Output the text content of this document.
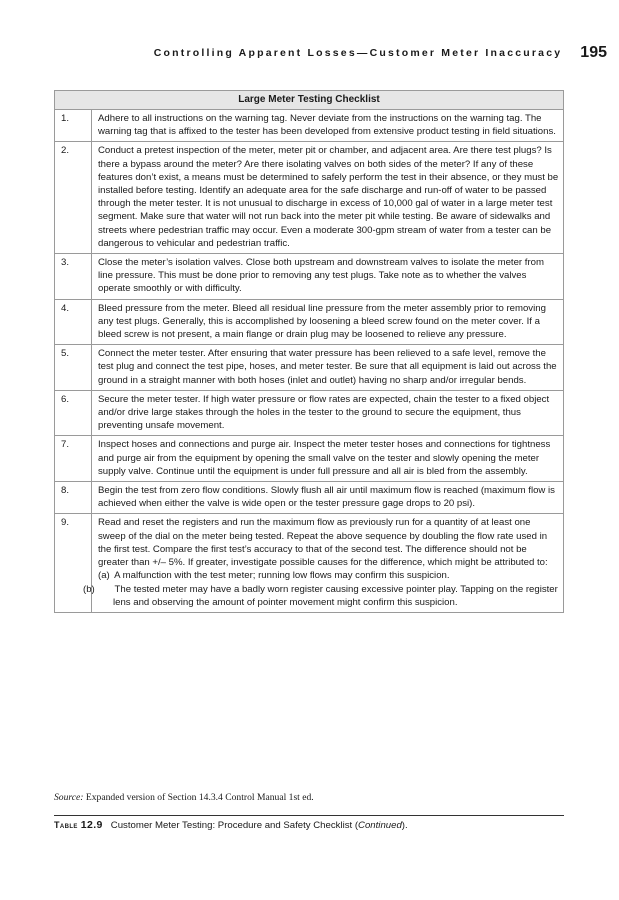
Controlling Apparent Losses—Customer Meter Inaccuracy 195
Large Meter Testing Checklist	
1.	Adhere to all instructions on the warning tag. Never deviate from the instructions on the warning tag. The warning tag that is affixed to the tester has been developed from extensive product testing in field situations.
2.	Conduct a pretest inspection of the meter, meter pit or chamber, and adjacent area. Are there test plugs? Is there a bypass around the meter? Are there isolating valves on both sides of the meter? If any of these features don’t exist, a means must be determined to safely perform the test in their absence, or they must be installed before testing. Identify an adequate area for the safe discharge and run-off of water to be passed through the meter tester. It is not unusual to discharge in excess of 10,000 gal of water in a large meter test segment. Make sure that water will not run back into the meter pit while testing. Be aware of sidewalks and streets where pedestrian traffic may occur. Even a moderate 300-gpm stream of water from a tester can be dangerous to vehicular and pedestrian traffic.
3.	Close the meter’s isolation valves. Close both upstream and downstream valves to isolate the meter from line pressure. This must be done prior to removing any test plugs. Take note as to whether the valves operate smoothly or with difficulty.
4.	Bleed pressure from the meter. Bleed all residual line pressure from the meter assembly prior to removing any test plugs. Generally, this is accomplished by loosening a bleed screw found on the meter cover. If a bleed screw is not present, a main flange or drain plug may be loosened to relieve any pressure.
5.	Connect the meter tester. After ensuring that water pressure has been relieved to a safe level, remove the test plug and connect the test pipe, hoses, and meter tester. Be sure that all equipment is laid out across the ground in a straight manner with both hoses (inlet and outlet) having no sharp and/or irregular bends.
6.	Secure the meter tester. If high water pressure or flow rates are expected, chain the tester to a fixed object and/or drive large stakes through the holes in the tester to the ground to secure the equipment, thus preventing unsafe movement.
7.	Inspect hoses and connections and purge air. Inspect the meter tester hoses and connections for tightness and purge air from the equipment by opening the small valve on the tester and slowly opening the meter supply valve. Continue until the equipment is under full pressure and all air is bled from the assembly.
8.	Begin the test from zero flow conditions. Slowly flush all air until maximum flow is reached (maximum flow is achieved when either the valve is wide open or the tester pressure gage drops to 20 psi).
9.	Read and reset the registers and run the maximum flow as previously run for a quantity of at least one sweep of the dial on the meter being tested. Repeat the above sequence by doubling the flow rate used in the first test. Compare the first test’s accuracy to that of the second test. The difference should not be greater than +/– 5%. If greater, investigate possible causes for the difference, which might be attributed to:
(a) A malfunction with the test meter; running low flows may confirm this suspicion.
(b) The tested meter may have a badly worn register causing excessive pointer play. Tapping on the register lens and observing the amount of pointer movement might confirm this suspicion.
Source: Expanded version of Section 14.3.4 Control Manual 1st ed.
Table 12.9 Customer Meter Testing: Procedure and Safety Checklist (Continued).
